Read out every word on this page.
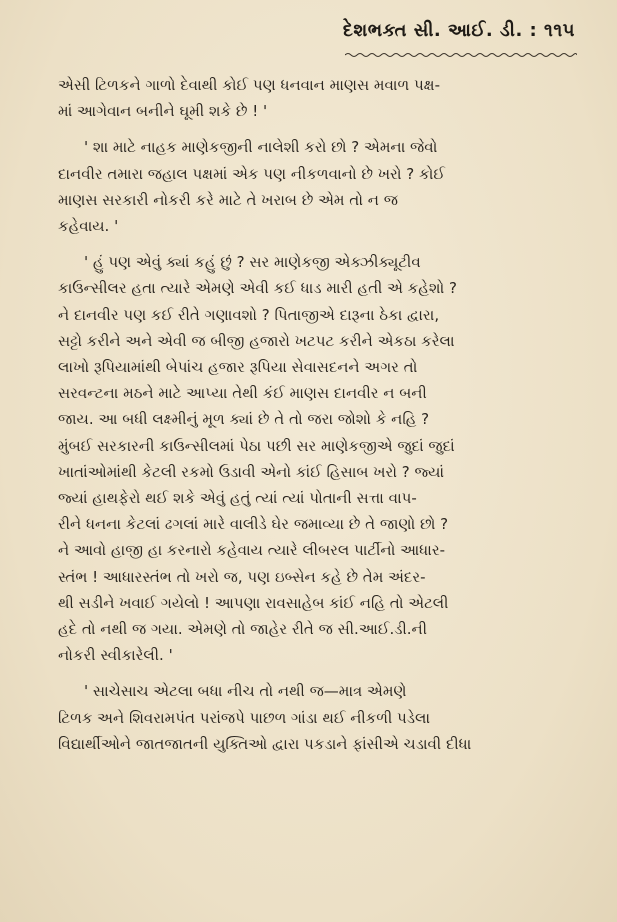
દેશભક્ત સી. આઈ. ડી. : ૧૧૫

એસી ટિળકને ગાળો દેવાથી કોઈ પણ ધનવાન માણસ મવાળ પક્ષ-
માં આગેવાન બનીને ઘૂમી શકે છે ! '

' શા માટે નાહક માણેકજીની નાલેશી કરો છો ? એમના જેવો
દાનવીર તમારા જહાલ પક્ષમાં એક પણ નીકળવાનો છે ખરો ? કોઈ
માણસ સરકારી નોકરી કરે માટે તે ખરાબ છે એમ તો ન જ
કહેવાય. '

' હું પણ એવું ક્યાં કહું છું ? સર માણેકજી એક્ઝીક્યૂટીવ
કાઉન્સીલર હતા ત્યારે એમણે એવી કઈ ધાડ મારી હતી એ કહેશો ?
ને દાનવીર પણ કઈ રીતે ગણાવશો ? પિતાજીએ દારૂના ઠેકા દ્વારા,
સટ્ટો કરીને અને એવી જ બીજી હજારો ખટપટ કરીને એકઠા કરેલા
લાખો રૂપિયામાંથી બેપાંચ હજાર રૂપિયા સેવાસદનને અગર તો
સરવન્ટના મઠને માટે આપ્યા તેથી કંઈ માણસ દાનવીર ન બની
જાય. આ બધી લક્ષ્મીનું મૂળ ક્યાં છે તે તો જરા જોશો કે નહિ ?
મુંબઈ સરકારની કાઉન્સીલમાં પેઠા પછી સર માણેકજીએ જુદાં જુદાં
ખાતાંઓમાંથી કેટલી રકમો ઉડાવી એનો કાંઈ હિસાબ ખરો ? જ્યાં
જ્યાં હાથફેરો થઈ શકે એવું હતું ત્યાં ત્યાં પોતાની સત્તા વાપ-
રીને ધનના કેટલાં ઢગલાં મારે વાલીડે ઘેર જમાવ્યા છે તે જાણો છો ?
ને આવો હાજી હા કરનારો કહેવાય ત્યારે લીબરલ પાર્ટીનો આધાર-
સ્તંભ ! આધારસ્તંભ તો ખરો જ, પણ ઇબ્સેન કહે છે તેમ અંદર-
થી સડીને ખવાઈ ગયેલો ! આપણા રાવસાહેબ કાંઈ નહિ તો એટલી
હદે તો નથી જ ગયા. એમણે તો જાહેર રીતે જ સી.આઈ.ડી.ની
નોકરી સ્વીકારેલી. '

' સાચેસાચ એટલા બધા નીચ તો નથી જ—માત્ર એમણે
ટિળક અને શિવરામપંત પરાંજપે પાછળ ગાંડા થઈ નીકળી પડેલા
વિદ્યાર્થીઓને જાતજાતની યુક્તિઓ દ્વારા પકડાને ફાંસીએ ચડાવી દીધા
